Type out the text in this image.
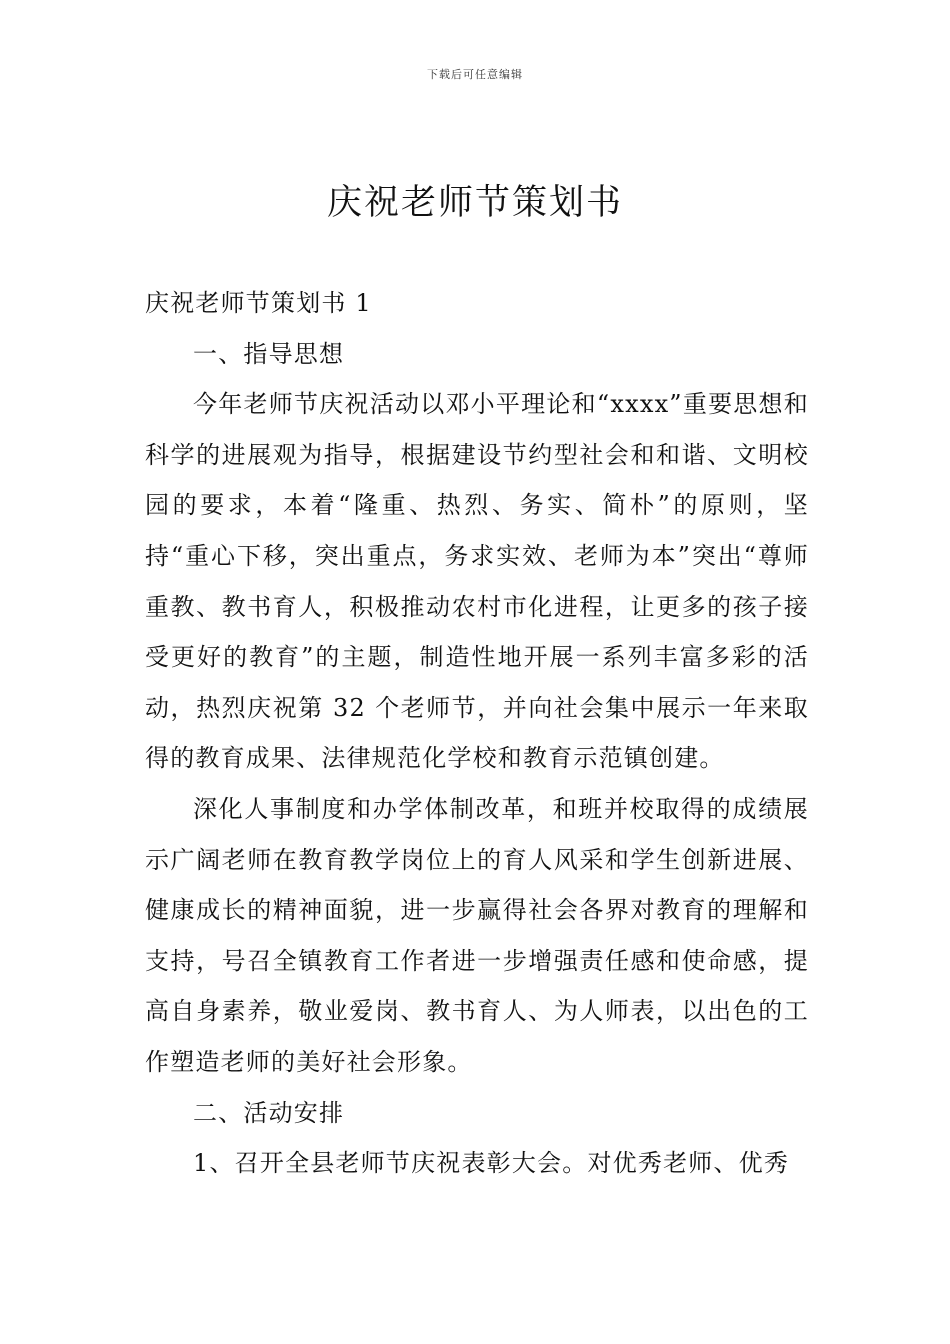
下载后可任意编辑
庆祝老师节策划书

庆祝老师节策划书 1

一、指导思想

今年老师节庆祝活动以邓小平理论和“xxxx”重要思想和科学的进展观为指导，根据建设节约型社会和和谐、文明校园的要求，本着“隆重、热烈、务实、简朴”的原则，坚持“重心下移，突出重点，务求实效、老师为本”突出“尊师重教、教书育人，积极推动农村市化进程，让更多的孩子接受更好的教育”的主题，制造性地开展一系列丰富多彩的活动，热烈庆祝第 32 个老师节，并向社会集中展示一年来取得的教育成果、法律规范化学校和教育示范镇创建。

深化人事制度和办学体制改革，和班并校取得的成绩展示广阔老师在教育教学岗位上的育人风采和学生创新进展、健康成长的精神面貌，进一步赢得社会各界对教育的理解和支持，号召全镇教育工作者进一步增强责任感和使命感，提高自身素养，敬业爱岗、教书育人、为人师表，以出色的工作塑造老师的美好社会形象。

二、活动安排

1、召开全县老师节庆祝表彰大会。对优秀老师、优秀
